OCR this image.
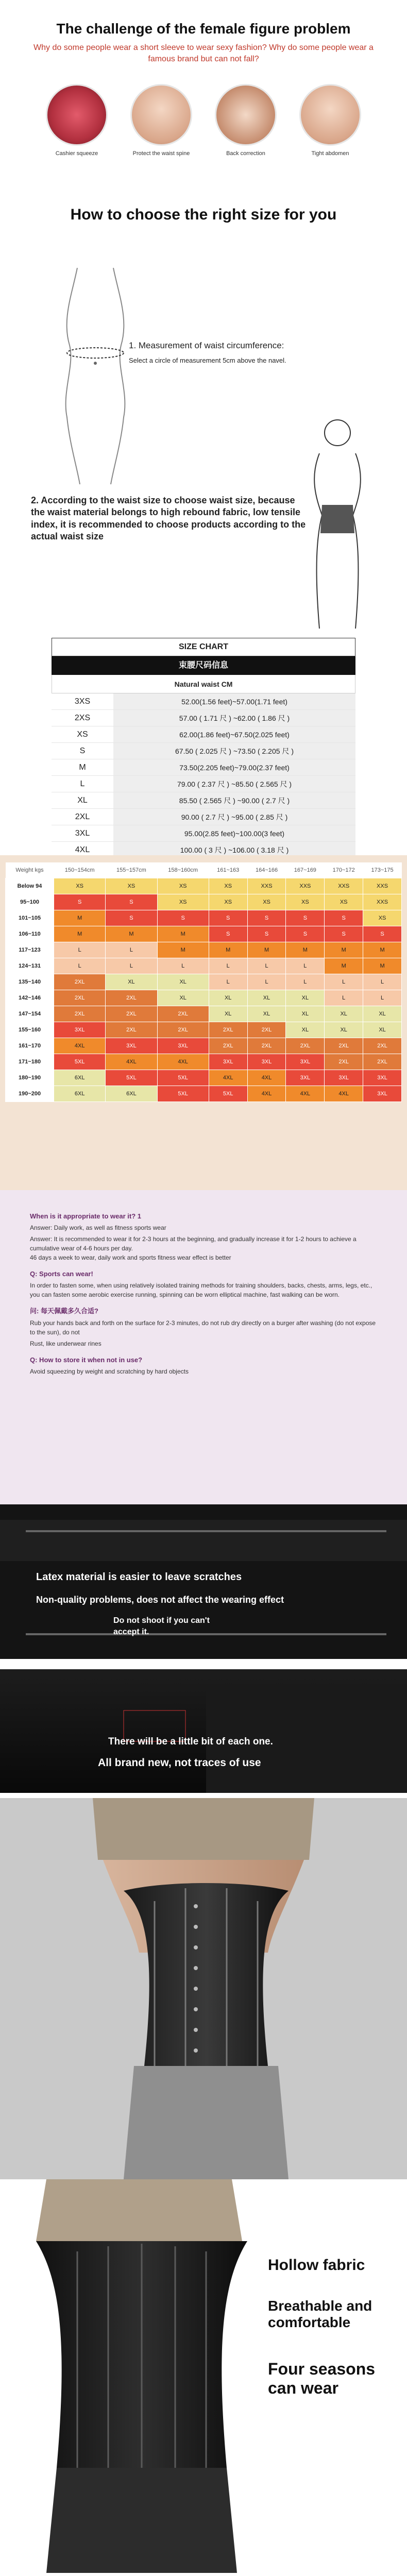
The challenge of the female figure problem

Why do some people wear a short sleeve to wear sexy fashion? Why do some people wear a famous brand but can not fall?

Cashier squeeze	Protect the waist spine	Back correction	Tight abdomen

How to choose the right size for you
1. Measurement of waist circumference:
Select a circle of measurement 5cm above the navel.

2. According to the waist size to choose waist size, because the waist material belongs to high rebound fabric, low tensile index, it is recommended to choose products according to the actual waist size

SIZE CHART
束腰尺码信息
Natural waist CM
3XS	52.00(1.56 feet)~57.00(1.71 feet)
2XS	57.00 ( 1.71 尺 ) ~62.00 ( 1.86 尺 )
XS	62.00(1.86 feet)~67.50(2.025 feet)
S	67.50 ( 2.025 尺 ) ~73.50 ( 2.205 尺 )
M	73.50(2.205 feet)~79.00(2.37 feet)
L	79.00 ( 2.37 尺 ) ~85.50 ( 2.565 尺 )
XL	85.50 ( 2.565 尺 ) ~90.00 ( 2.7 尺 )
2XL	90.00 ( 2.7 尺 ) ~95.00 ( 2.85 尺 )
3XL	95.00(2.85 feet)~100.00(3 feet)
4XL	100.00 ( 3 尺 ) ~106.00 ( 3.18 尺 )
Weight kgs	150~154cm	155~157cm	158~160cm	161~163	164~166	167~169	170~172	173~175
Below 94	XS	XS	XS	XS	XXS	XXS	XXS	XXS
95~100	S	S	XS	XS	XS	XS	XS	XXS
101~105	M	S	S	S	S	S	S	XS
106~110	M	M	M	S	S	S	S	S
117~123	L	L	M	M	M	M	M	M
124~131	L	L	L	L	L	L	M	M
135~140	2XL	XL	XL	L	L	L	L	L
142~146	2XL	2XL	XL	XL	XL	XL	L	L
147~154	2XL	2XL	2XL	XL	XL	XL	XL	XL
155~160	3XL	2XL	2XL	2XL	2XL	XL	XL	XL
161~170	4XL	3XL	3XL	2XL	2XL	2XL	2XL	2XL
171~180	5XL	4XL	4XL	3XL	3XL	3XL	2XL	2XL
180~190	6XL	5XL	5XL	4XL	4XL	3XL	3XL	3XL
190~200	6XL	6XL	5XL	5XL	4XL	4XL	4XL	3XL
When is it appropriate to wear it? 1
Answer: Daily work, as well as fitness sports wear
Answer: It is recommended to wear it for 2-3 hours at the beginning, and gradually increase it for 1-2 hours to achieve a cumulative wear of 4-6 hours per day.
46 days a week to wear, daily work and sports fitness wear effect is better
Q: Sports can wear!
In order to fasten some, when using relatively isolated training methods for training shoulders, backs, chests, arms, legs, etc., you can fasten some aerobic exercise running, spinning can be worn elliptical machine, fast walking can be worn.
问: 每天佩戴多久合适?
Rub your hands back and forth on the surface for 2-3 minutes, do not rub dry directly on a burger after washing (do not expose to the sun), do not
Rust, like underwear rines
Q: How to store it when not in use?
Avoid squeezing by weight and scratching by hard objects
Latex material is easier to leave scratches
Non-quality problems, does not affect the wearing effect
Do not shoot if you can't
accept it.
There will be a little bit of each one.
All brand new, not traces of use
Hollow fabric
Breathable and comfortable
Four seasons can wear
